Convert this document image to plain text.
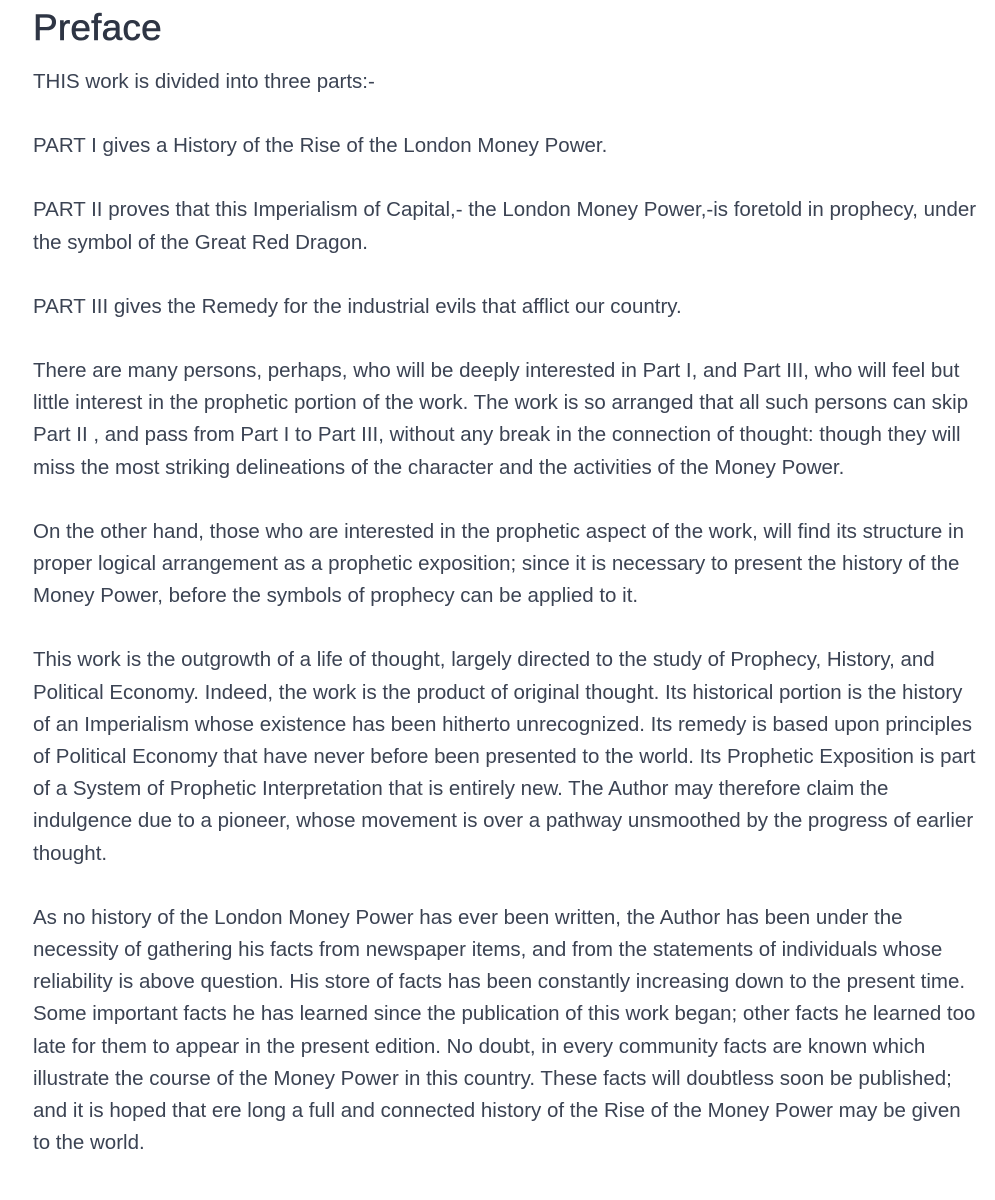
Preface

THIS work is divided into three parts:-

PART I gives a History of the Rise of the London Money Power.

PART II proves that this Imperialism of Capital,- the London Money Power,-is foretold in prophecy, under the symbol of the Great Red Dragon.

PART III gives the Remedy for the industrial evils that afflict our country.

There are many persons, perhaps, who will be deeply interested in Part I, and Part III, who will feel but little interest in the prophetic portion of the work. The work is so arranged that all such persons can skip Part II , and pass from Part I to Part III, without any break in the connection of thought: though they will miss the most striking delineations of the character and the activities of the Money Power.

On the other hand, those who are interested in the prophetic aspect of the work, will find its structure in proper logical arrangement as a prophetic exposition; since it is necessary to present the history of the Money Power, before the symbols of prophecy can be applied to it.

This work is the outgrowth of a life of thought, largely directed to the study of Prophecy, History, and Political Economy. Indeed, the work is the product of original thought. Its historical portion is the history of an Imperialism whose existence has been hitherto unrecognized. Its remedy is based upon principles of Political Economy that have never before been presented to the world. Its Prophetic Exposition is part of a System of Prophetic Interpretation that is entirely new. The Author may therefore claim the indulgence due to a pioneer, whose movement is over a pathway unsmoothed by the progress of earlier thought.

As no history of the London Money Power has ever been written, the Author has been under the necessity of gathering his facts from newspaper items, and from the statements of individuals whose reliability is above question. His store of facts has been constantly increasing down to the present time. Some important facts he has learned since the publication of this work began; other facts he learned too late for them to appear in the present edition. No doubt, in every community facts are known which illustrate the course of the Money Power in this country. These facts will doubtless soon be published; and it is hoped that ere long a full and connected history of the Rise of the Money Power may be given to the world.
